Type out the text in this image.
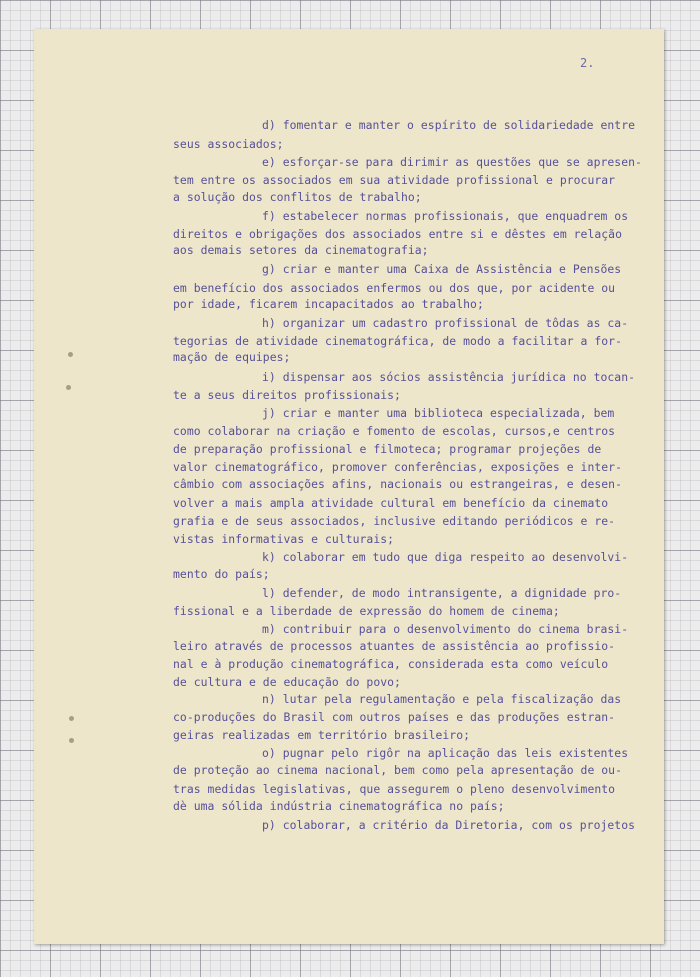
2.
d) fomentar e manter o espírito de solidariedade entre
seus associados;
e) esforçar-se para dirimir as questões que se apresen-
tem entre os associados em sua atividade profissional e procurar
a solução dos conflitos de trabalho;
f) estabelecer normas profissionais, que enquadrem os
direitos e obrigações dos associados entre si e dêstes em relação
aos demais setores da cinematografia;
g) criar e manter uma Caixa de Assistência e Pensões
em benefício dos associados enfermos ou dos que, por acidente ou
por idade, ficarem incapacitados ao trabalho;
h) organizar um cadastro profissional de tôdas as ca-
tegorias de atividade cinematográfica, de modo a facilitar a for-
mação de equipes;
i) dispensar aos sócios assistência jurídica no tocan-
te a seus direitos profissionais;
j) criar e manter uma biblioteca especializada, bem
como colaborar na criação e fomento de escolas, cursos,e centros
de preparação profissional e filmoteca; programar projeções de
valor cinematográfico, promover conferências, exposições e inter-
câmbio com associações afins, nacionais ou estrangeiras, e desen-
volver a mais ampla atividade cultural em benefício da cinemato
grafia e de seus associados, inclusive editando periódicos e re-
vistas informativas e culturais;
k) colaborar em tudo que diga respeito ao desenvolvi-
mento do país;
l) defender, de modo intransigente, a dignidade pro-
fissional e a liberdade de expressão do homem de cinema;
m) contribuir para o desenvolvimento do cinema brasi-
leiro através de processos atuantes de assistência ao profissio-
nal e à produção cinematográfica, considerada esta como veículo
de cultura e de educação do povo;
n) lutar pela regulamentação e pela fiscalização das
co-produções do Brasil com outros países e das produções estran-
geiras realizadas em território brasileiro;
o) pugnar pelo rigôr na aplicação das leis existentes
de proteção ao cinema nacional, bem como pela apresentação de ou-
tras medidas legislativas, que assegurem o pleno desenvolvimento
dè uma sólida indústria cinematográfica no país;
p) colaborar, a critério da Diretoria, com os projetos
